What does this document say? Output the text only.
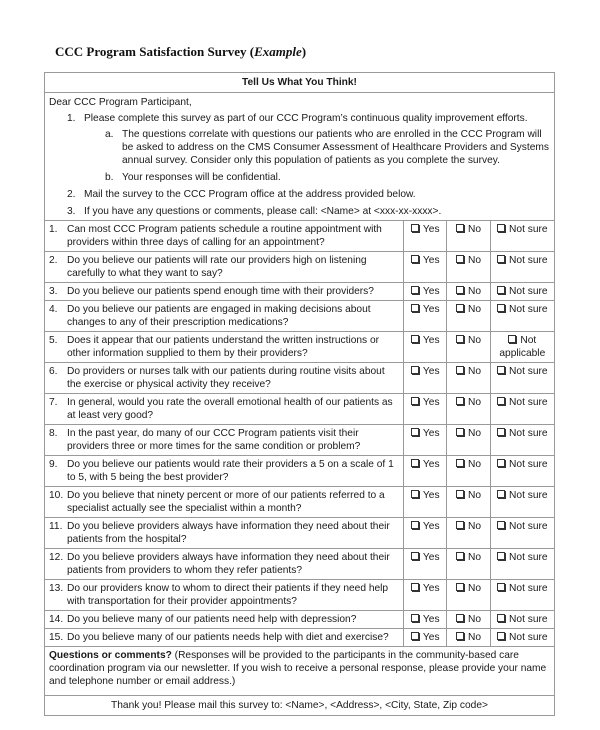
CCC Program Satisfaction Survey (Example)
Tell Us What You Think!			

Dear CCC Program Participant,
1. Please complete this survey as part of our CCC Program’s continuous quality improvement efforts.
a. The questions correlate with questions our patients who are enrolled in the CCC Program will be asked to address on the CMS Consumer Assessment of Healthcare Providers and Systems annual survey. Consider only this population of patients as you complete the survey.
b. Your responses will be confidential.
2. Mail the survey to the CCC Program office at the address provided below.
3. If you have any questions or comments, please call: <Name> at <xxx-xx-xxxx>.

1. Can most CCC Program patients schedule a routine appointment with providers within three days of calling for an appointment?	Yes	No	Not sure

2. Do you believe our patients will rate our providers high on listening carefully to what they want to say?	Yes	No	Not sure

3. Do you believe our patients spend enough time with their providers?	Yes	No	Not sure

4. Do you believe our patients are engaged in making decisions about changes to any of their prescription medications?	Yes	No	Not sure

5. Does it appear that our patients understand the written instructions or other information supplied to them by their providers?	Yes	No	Not applicable

6. Do providers or nurses talk with our patients during routine visits about the exercise or physical activity they receive?	Yes	No	Not sure

7. In general, would you rate the overall emotional health of our patients as at least very good?	Yes	No	Not sure

8. In the past year, do many of our CCC Program patients visit their providers three or more times for the same condition or problem?	Yes	No	Not sure

9. Do you believe our patients would rate their providers a 5 on a scale of 1 to 5, with 5 being the best provider?	Yes	No	Not sure

10. Do you believe that ninety percent or more of our patients referred to a specialist actually see the specialist within a month?	Yes	No	Not sure

11. Do you believe providers always have information they need about their patients from the hospital?	Yes	No	Not sure

12. Do you believe providers always have information they need about their patients from providers to whom they refer patients?	Yes	No	Not sure

13. Do our providers know to whom to direct their patients if they need help with transportation for their provider appointments?	Yes	No	Not sure

14. Do you believe many of our patients need help with depression?	Yes	No	Not sure

15. Do you believe many of our patients needs help with diet and exercise?	Yes	No	Not sure
Questions or comments? (Responses will be provided to the participants in the community-based care coordination program via our newsletter. If you wish to receive a personal response, please provide your name and telephone number or email address.)			
Thank you! Please mail this survey to: <Name>, <Address>, <City, State, Zip code>			
